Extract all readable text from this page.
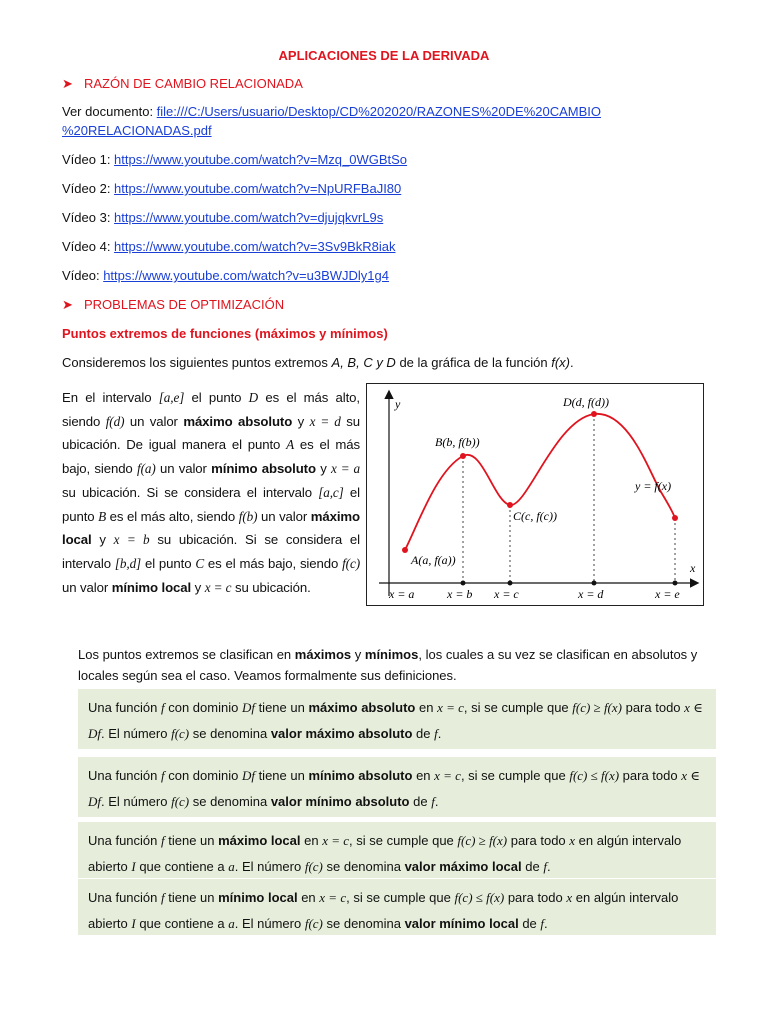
APLICACIONES DE LA DERIVADA
➤ RAZÓN DE CAMBIO RELACIONADA
Ver documento: file:///C:/Users/usuario/Desktop/CD%202020/RAZONES%20DE%20CAMBIO
%20RELACIONADAS.pdf
Vídeo 1: https://www.youtube.com/watch?v=Mzq_0WGBtSo
Vídeo 2: https://www.youtube.com/watch?v=NpURFBaJI80
Vídeo 3: https://www.youtube.com/watch?v=djujqkvrL9s
Vídeo 4: https://www.youtube.com/watch?v=3Sv9BkR8iak
Vídeo: https://www.youtube.com/watch?v=u3BWJDly1g4
➤ PROBLEMAS DE OPTIMIZACIÓN
Puntos extremos de funciones (máximos y mínimos)
Consideremos los siguientes puntos extremos A, B, C y D de la gráfica de la función f(x).
En el intervalo [a,e] el punto D es el más alto, siendo f(d) un valor máximo absoluto y x = d su ubicación. De igual manera el punto A es el más bajo, siendo f(a) un valor mínimo absoluto y x = a su ubicación. Si se considera el intervalo [a,c] el punto B es el más alto, siendo f(b) un valor máximo local y x = b su ubicación. Si se considera el intervalo [b,d] el punto C es el más bajo, siendo f(c) un valor mínimo local y x = c su ubicación.
y
x
A(a, f(a))
B(b, f(b))
C(c, f(c))
D(d, f(d))
y = f(x)
x = a	x = b x = c	x = d	x = e
Los puntos extremos se clasifican en máximos y mínimos, los cuales a su vez se clasifican en absolutos y locales según sea el caso. Veamos formalmente sus definiciones.
Una función f con dominio Df tiene un máximo absoluto en x = c, si se cumple que f(c) ≥ f(x) para todo x ∈ Df. El número f(c) se denomina valor máximo absoluto de f.
Una función f con dominio Df tiene un mínimo absoluto en x = c, si se cumple que f(c) ≤ f(x) para todo x ∈ Df. El número f(c) se denomina valor mínimo absoluto de f.
Una función f tiene un máximo local en x = c, si se cumple que f(c) ≥ f(x) para todo x en algún intervalo abierto I que contiene a a. El número f(c) se denomina valor máximo local de f.
Una función f tiene un mínimo local en x = c, si se cumple que f(c) ≤ f(x) para todo x en algún intervalo abierto I que contiene a a. El número f(c) se denomina valor mínimo local de f.
